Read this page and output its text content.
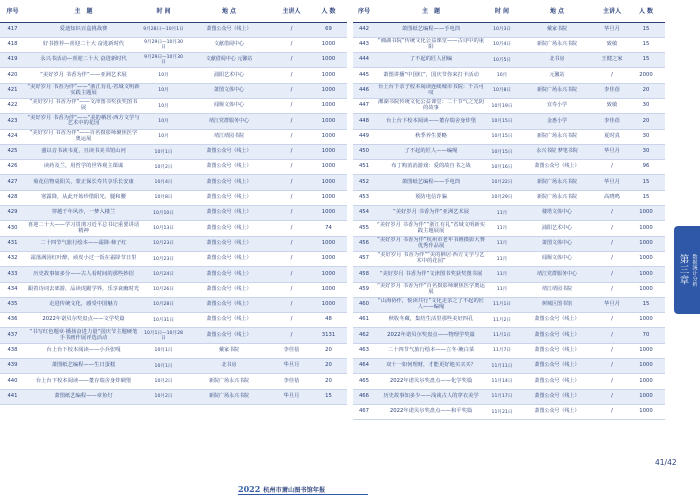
序号	主　题	时 间	地 点	主讲人	人 数
417	爱迪知识百盒挑战赛	9月28日—10月1日	萧图公众号（线上）	/	69
418	好书推荐—喜迎二十大 奋进新时代	9月29日—10月30日	文献借阅中心	/	1000
419	永兴书活动—喜迎二十大 奋进新时代	9月29日—10月30日	文献借阅中心 元馨站	/	1000
420	“美好岁月 书香为伴”——亚洲艺术展	10月	浦阳艺术中心	/	1000
421	“美好岁月 书香为伴”——“浙江有礼·省域文明新实践主题展	10月	萧图文体中心	/	1000
422	“美好岁月 书香为伴”——文津图书奖获奖图书展	10月	闻堰文体中心	/	1000
423	“美好岁月 书香为伴”——“美的栖居·西方文学与艺术中的花园	10月	靖江党群服务中心	/	1000
424	“美好岁月 书香为伴”——百名摄影师聚焦医学奥运展	10月	靖江靖园书院	/	1000
425	盛以音书读韦夏，且读书美书馆山河	10月1日	萧图公众号（线上）	/	1000
426	读药及兰，用哲学的世界观主课谋	10月2日	萧图公众号（线上）	/	1000
427	菊花信物桌阳关，蒙正保长寿共享乐长安康	10月4日	萧图公众号（线上）	/	1000
428	寒露降，从此开始珍惜阳光、腿和腰	10月8日	萧图公众号（线上）	/	1000
429	穿越千年风沙，一梦入楼兰	10月10日	萧图公众号（线上）	/	1000
430	喜迎二十大——学习贯彻习近平总书记重要讲话精神	10月13日	萧图公众号（线上）	/	74
431	二十四节气旅行绘本——霜降·柿子红	10月23日	萧图公众号（线上）	/	1000
432	霜落满园红叶醉，顽皮小过一饭在霜降节日里	10月23日	萧图公众号（线上）	/	1000
433	历史故事如多分——古人看时间的那些妙招	10月24日	萧图公众号（线上）	/	1000
434	跟着诗词去郊游，品读虎踞学界，乐享衰幽时光	10月26日	萧图公众号（线上）	/	1000
435	走进传统文化，感受中国魅力	10月28日	萧图公众号（线上）	/	1000
436	2022年诺贝尔奖盘点——文学奖篇	10月31日	萧图公众号（线上）	/	48
437	“书写红色题章·播扬奋进力量”国庆节主题硬笔手书画作展评选活动	10月1日—10月28日	萧图公众号（线上）	/	3131
438	台上台下校本阅读——小兵张嘎	10月1日	戴家书院	李佳蓓	20
439	萧图纸艺编程——生日蛋糕	10月1日	北书房	华旦月	20
440	台上台下校本阅读——董存瑞舍身炸碉堡	10月2日	新院广场永兴书院	李佳蓓	20
441	萧图纸艺编程——章鱼灯	10月2日	新院广场永兴书院	华旦月	15
序号	主　题	时 间	地 点	主讲人	人 数
442	萧图纸艺编程——手电筒	10月3日	戴家书院	华旦月	15
443	“湘湖书院”传统文化公益课堂——古诗中的重阳	10月4日	新院广场永兴书院	致敏	15
444	了不起的匠人团编	10月5日	北书房	王健之家	15
445	萧图讲播“中国红”，国庆节你来打卡活动	10月	元馨站	/	2000
446	台上台下亲子校本阅读连续城市书院：千古可叹	10月8日	新院广场永兴书院	李佳蓓	20
447	湘湖书院传统文化公益课堂：二十节气之光阴的故事	10月19日	宜寿小学	致敏	30
448	台上台下校本阅读——董存瑞舍身炸堡	10月15日	金惠小学	李佳蓓	20
449	秋季养生要略	10月15日	新院广场永兴书院	夏时真	30
450	了不起的匠人——编绳	10月15日	永兴书院 梦笔书院	华旦月	30
451	布丁购消消游戏：爱的故自书之战	10月16日	萧图公众号（线上）	/	96
452	萧图纸艺编程——手电筒	10月22日	新院广场永兴书院	华旦月	15
453	预防电信诈骗	10月29日	新院广场永兴书院	高晓鸣	15
454	“美好岁月 书香为伴”亚洲艺术展	11月	楼塔文体中心	/	1000
455	“美好岁月 书香为伴”“浙江有礼”省域文明新实践主题展展	11月	浦阳艺术中心	/	1000
456	“美好岁月 书香为伴”杭州市老年书画摄影大赛优秀作品展	11月	萧图文体中心	/	1000
457	“美好岁月 书香为伴”“美的栖居·西方文学与艺术中的花园”	11月	闻堰文体中心	/	1000
458	“美好岁月 书香为伴”文津图书奖获奖图书展	11月	靖江党群服务中心	/	1000
459	“美好岁月 书香为伴”百名摄影师聚焦医学奥运展	11月	靖江靖园书院	/	1000
460	“山海协作，悦读共行”文化走亲之了不起的匠人——编绳	11月1日	树城区图书馆	华旦月	15
461	秋收冬藏，集结生活里那些美好四孔	11月2日	萧图公众号（线上）	/	1000
462	2022年诺贝尔奖盘点——物理学奖篇	11月1日	萧图公众号（线上）	/	70
463	二十四节气旅行绘本——立冬·腌白菜	11月7日	萧图公众号（线上）	/	1000
464	双十一如何理财，才能更好地买买买？	11月11日	萧图公众号（线上）	/	1000
465	2022年诺贝尔奖盘点——化学奖篇	11月14日	萧图公众号（线上）	/	1000
466	历史故事知多少——浅谈古人的穿衣美学	11月17日	萧图公众号（线上）	/	1000
467	2022年诺贝尔奖盘点——和平奖篇	11月21日	萧图公众号（线上）	/	1000
第三章 数据统计分析
2022 杭州市萧山图书馆年报
41/42
